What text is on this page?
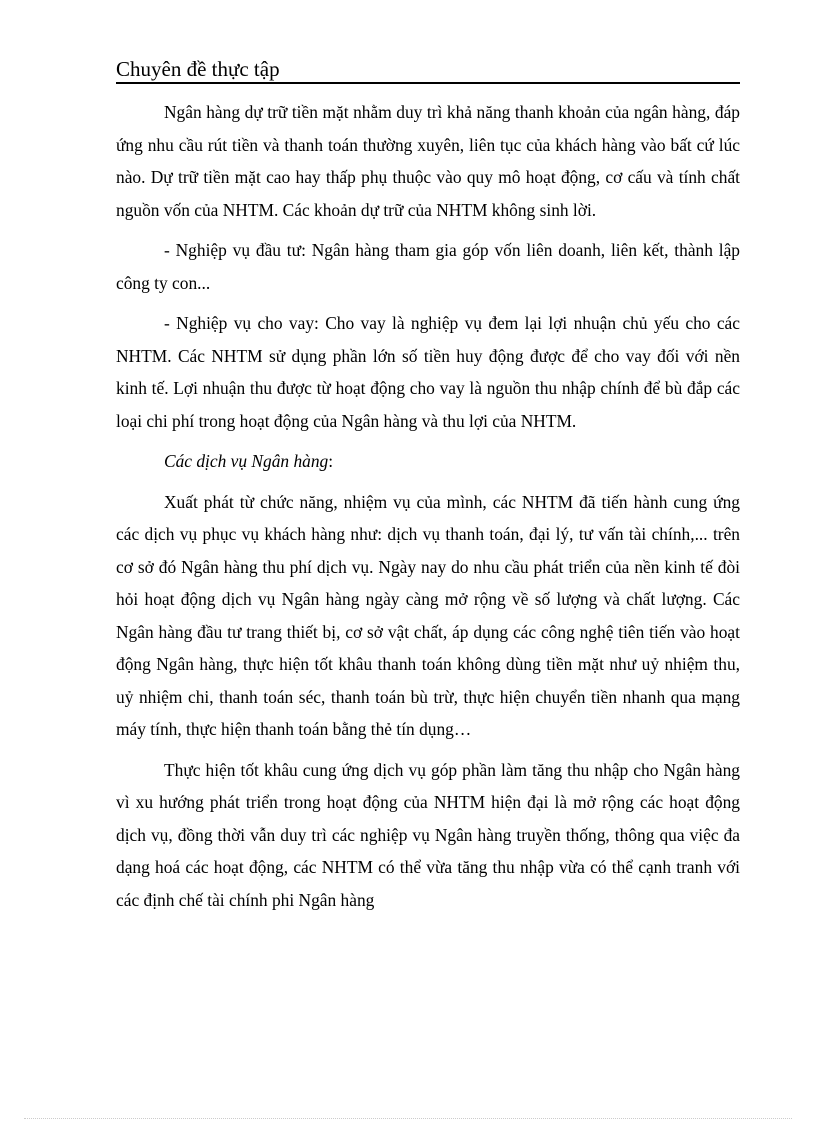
Chuyên đề thực tập

Ngân hàng dự trữ tiền mặt nhằm duy trì khả năng thanh khoản của ngân hàng, đáp ứng nhu cầu rút tiền và thanh toán thường xuyên, liên tục của khách hàng vào bất cứ lúc nào. Dự trữ tiền mặt cao hay thấp phụ thuộc vào quy mô hoạt động, cơ cấu và tính chất nguồn vốn của NHTM. Các khoản dự trữ của NHTM không sinh lời.

- Nghiệp vụ đầu tư: Ngân hàng tham gia góp vốn liên doanh, liên kết, thành lập công ty con...

- Nghiệp vụ cho vay: Cho vay là nghiệp vụ đem lại lợi nhuận chủ yếu cho các NHTM. Các NHTM sử dụng phần lớn số tiền huy động được để cho vay đối với nền kinh tế. Lợi nhuận thu được từ hoạt động cho vay là nguồn thu nhập chính để bù đắp các loại chi phí trong hoạt động của Ngân hàng và thu lợi của NHTM.

Các dịch vụ Ngân hàng:

Xuất phát từ chức năng, nhiệm vụ của mình, các NHTM đã tiến hành cung ứng các dịch vụ phục vụ khách hàng như: dịch vụ thanh toán, đại lý, tư vấn tài chính,... trên cơ sở đó Ngân hàng thu phí dịch vụ. Ngày nay do nhu cầu phát triển của nền kinh tế đòi hỏi hoạt động dịch vụ Ngân hàng ngày càng mở rộng về số lượng và chất lượng. Các Ngân hàng đầu tư trang thiết bị, cơ sở vật chất, áp dụng các công nghệ tiên tiến vào hoạt động Ngân hàng, thực hiện tốt khâu thanh toán không dùng tiền mặt như uỷ nhiệm thu, uỷ nhiệm chi, thanh toán séc, thanh toán bù trừ, thực hiện chuyển tiền nhanh qua mạng máy tính, thực hiện thanh toán bằng thẻ tín dụng…

Thực hiện tốt khâu cung ứng dịch vụ góp phần làm tăng thu nhập cho Ngân hàng vì xu hướng phát triển trong hoạt động của NHTM hiện đại là mở rộng các hoạt động dịch vụ, đồng thời vẫn duy trì các nghiệp vụ Ngân hàng truyền thống, thông qua việc đa dạng hoá các hoạt động, các NHTM có thể vừa tăng thu nhập vừa có thể cạnh tranh với các định chế tài chính phi Ngân hàng
